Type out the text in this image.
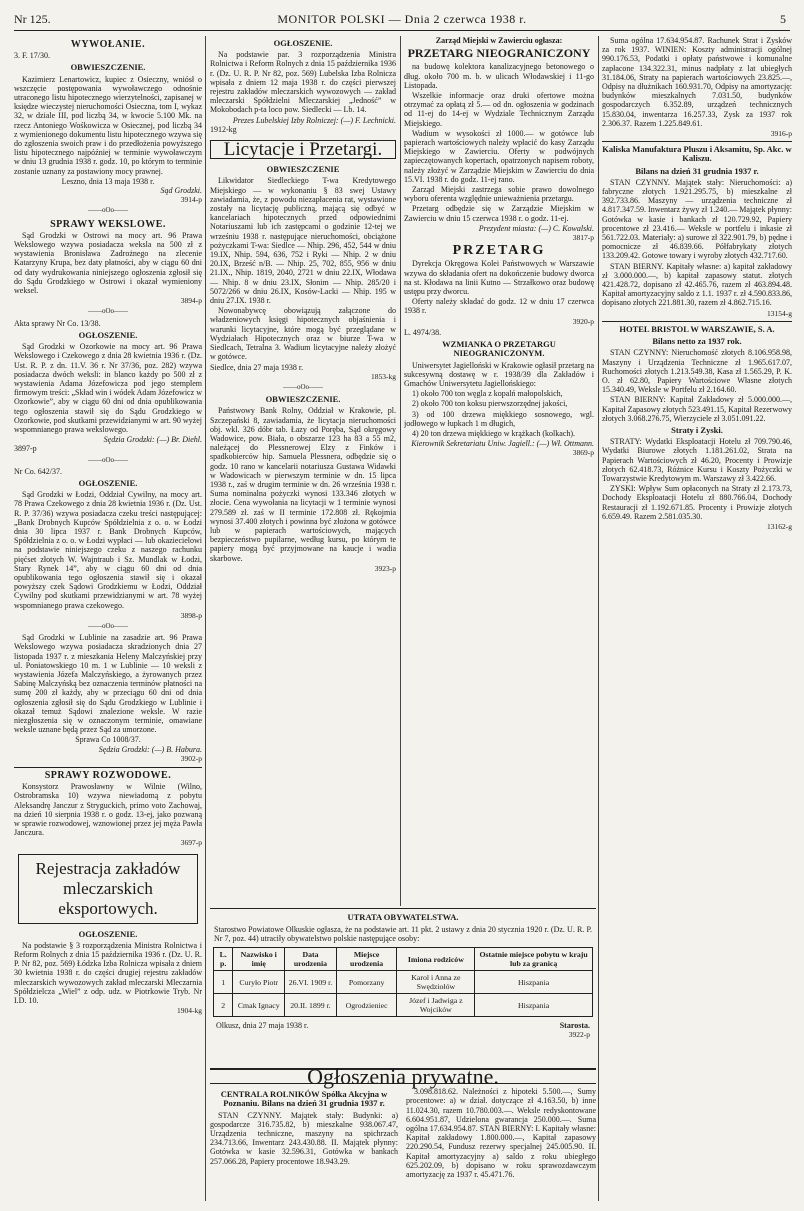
Nr 125.	MONITOR POLSKI — Dnia 2 czerwca 1938 r.	5
WYWOŁANIE.
3. F. 17/30.
OBWIESZCZENIE.

Kazimierz Lenartowicz, kupiec z Osieczny, wniósł o wszczęcie postępowania wywoławczego odnośnie utraconego listu hipotecznego wierzytelności, zapisanej w księdze wieczystej nieruchomości Osieczna, tom I, wykaz 32, w dziale III, pod liczbą 34, w kwocie 5.100 Mk. na rzecz Antoniego Wośkowicza w Osiecznej, pod liczbą 34 z wymienionego dokumentu listu hipotecznego wzywa się do zgłoszenia swoich praw i do przedłożenia powyższego listu hipotecznego najpóźniej w terminie wywoławczym w dniu 13 grudnia 1938 r. godz. 10, po którym to terminie zostanie uznany za postawiony mocy prawnej.

Leszno, dnia 13 maja 1938 r.
Sąd Grodzki.
3914-p
——oOo——
SPRAWY WEKSLOWE.

Sąd Grodzki w Ostrowi na mocy art. 96 Prawa Wekslowego wzywa posiadacza weksla na 500 zł z wystawienia Bronisława Zadrożnego na zlecenie Katarzyny Krupa, bez daty płatności, aby w ciągu 60 dni od daty wydrukowania niniejszego ogłoszenia zgłosił się do Sądu Grodzkiego w Ostrowi i okazał wymieniony weksel.

3894-p
——oOo——
Akta sprawy Nr Co. 13/38.
OGŁOSZENIE.

Sąd Grodzki w Ozorkowie na mocy art. 96 Prawa Wekslowego i Czekowego z dnia 28 kwietnia 1936 r. (Dz. Ust. R. P. z dn. 11.V. 36 r. Nr 37/36, poz. 282) wzywa posiadacza dwóch weksli: in blanco każdy po 500 zł z wystawienia Adama Józefowicza pod jego stemplem firmowym treści: „Skład win i wódek Adam Józefowicz w Ozorkowie”, aby w ciągu 60 dni od dnia opublikowania tego ogłoszenia stawił się do Sądu Grodzkiego w Ozorkowie, pod skutkami przewidzianymi w art. 90 wyżej wspomnianego prawa wekslowego.

Sędzia Grodzki: (—) Br. Diehl.
3897-p
——oOo——
Nr Co. 642/37.
OGŁOSZENIE.

Sąd Grodzki w Łodzi, Oddział Cywilny, na mocy art. 78 Prawa Czekowego z dnia 28 kwietnia 1936 r. (Dz. Ust. R. P. 37/36) wzywa posiadacza czeku treści następującej: „Bank Drobnych Kupców Spółdzielnia z o. o. w Łodzi dnia 30 lipca 1937 r. Bank Drobnych Kupców, Spółdzielnia z o. o. w Łodzi wypłaci — lub okaziecielowi na podstawie niniejszego czeku z naszego rachunku pięćset złotych W. Wajntraub i Sz. Mundlak w Łodzi, Stary Rynek 14”, aby w ciągu 60 dni od dnia opublikowania tego ogłoszenia stawił się i okazał powyższy czek Sądowi Grodzkiemu w Łodzi, Oddział Cywilny pod skutkami przewidzianymi w art. 78 wyżej wspomnianego prawa czekowego.

3898-p
——oOo——

Sąd Grodzki w Lublinie na zasadzie art. 96 Prawa Wekslowego wzywa posiadacza skradzionych dnia 27 listopada 1937 r. z mieszkania Heleny Malczyńskiej przy ul. Poniatowskiego 10 m. 1 w Lublinie — 10 weksli z wystawienia Józefa Malczyńskiego, a żyrowanych przez Sabinę Malczyńską bez oznaczenia terminów płatności na sumę 200 zł każdy, aby w przeciągu 60 dni od dnia ogłoszenia zgłosił się do Sądu Grodzkiego w Lublinie i okazał temuż Sądowi znalezione weksle. W razie niezgłoszenia się w oznaczonym terminie, omawiane weksle uznane będą przez Sąd za umorzone.

Sprawa Co 1008/37.
Sędzia Grodzki: (—) B. Habura.
3902-p
SPRAWY ROZWODOWE.

Konsystorz Prawosławny w Wilnie (Wilno, Ostrobramska 10) wzywa niewiadomą z pobytu Aleksandrę Janczur z Stryguckich, primo voto Zachowaj, na dzień 10 sierpnia 1938 r. o godz. 13-ej, jako pozwaną w sprawie rozwodowej, wznowionej przez jej męża Pawła Janczura.

3697-p
Rejestracja zakładów mleczarskich eksportowych.
OGŁOSZENIE.

Na podstawie § 3 rozporządzenia Ministra Rolnictwa i Reform Rolnych z dnia 15 października 1936 r. (Dz. U. R. P. Nr 82, poz. 569) Łódzka Izba Rolnicza wpisała z dniem 30 kwietnia 1938 r. do części drugiej rejestru zakładów mleczarskich wywozowych zakład mleczarski Mleczarnia Spółdzielcza „Wiel” z odp. udz. w Piotrkowie Tryb. Nr I.D. 10.

1904-kg
OGŁOSZENIE.

Na podstawie par. 3 rozporządzenia Ministra Rolnictwa i Reform Rolnych z dnia 15 października 1936 r. (Dz. U. R. P. Nr 82, poz. 569) Lubelska Izba Rolnicza wpisała z dniem 12 maja 1938 r. do części pierwszej rejestru zakładów mleczarskich wywozowych — zakład mleczarski Spółdzielni Mleczarskiej „Jedność” w Mokobodach p-ta loco pow. Siedlecki — Lb. 14.

Prezes Lubelskiej Izby Rolniczej: (—) F. Lechnicki.
1912-kg
Licytacje i Przetargi.
OBWIESZCZENIE

Likwidator Siedleckiego T-wa Kredytowego Miejskiego — w wykonaniu § 83 swej Ustawy zawiadamia, że, z powodu niezapłacenia rat, wystawione zostały na licytację publiczną, mającą się odbyć w kancelariach hipotecznych przed odpowiednimi Notariuszami lub ich zastępcami o godzinie 12-tej we wrześniu 1938 r. następujące nieruchomości, obciążone pożyczkami T-wa: Siedlce — Nhip. 296, 452, 544 w dniu 19.IX, Nhip. 594, 636, 752 i Ryki — Nhip. 2 w dniu 20.IX, Brześć n/B. — Nhip. 25, 702, 855, 956 w dniu 21.IX., Nhip. 1819, 2040, 2721 w dniu 22.IX, Włodawa — Nhip. 8 w dniu 23.IX, Słonim — Nhip. 285/20 i 5072/266 w dniu 26.IX, Kosów-Lacki — Nhip. 195 w dniu 27.IX. 1938 r.

Nowonabywcę obowiązują załączone do władzeniowych księgi hipotecznych objaśnienia i warunki licytacyjne, które mogą być przeglądane w Wydziałach Hipotecznych oraz w biurze T-wa w Siedlcach, Tetralna 3. Wadium licytacyjne należy złożyć w gotówce.

Siedlce, dnia 27 maja 1938 r.
1853-kg
——oOo——
OBWIESZCZENIE.

Państwowy Bank Rolny, Oddział w Krakowie, pl. Szczepański 8, zawiadamia, że licytacja nieruchomości obj. wkl. 326 dóbr tab. Łazy od Poręba, Sąd okręgowy Wadowice, pow. Biała, o obszarze 123 ha 83 a 55 m2, należącej do Plessnerowej Elzy z Finków i spadkobierców hip. Samuela Plessnera, odbędzie się o godz. 10 rano w kancelarii notariusza Gustawa Widawki w Wadowicach w pierwszym terminie w dn. 15 lipca 1938 r., zaś w drugim terminie w dn. 26 września 1938 r. Suma nominalna pożyczki wynosi 133.346 złotych w złocie. Cena wywołania na licytacji w 1 terminie wynosi 279.589 zł. zaś w II terminie 172.808 zł. Rękojmia wynosi 37.400 złotych i powinna być złożona w gotówce lub w papierach wartościowych, mających bezpieczeństwo pupilarne, według kursu, po którym te papiery mogą być przyjmowane na kaucje i wadia skarbowe.

3923-p
Zarząd Miejski w Zawierciu ogłasza:
PRZETARG NIEOGRANICZONY

na budowę kolektora kanalizacyjnego betonowego o dług. około 700 m. b. w ulicach Włodawskiej i 11-go Listopada.

Wszelkie informacje oraz druki ofertowe można otrzymać za opłatą zł 5.— od dn. ogłoszenia w godzinach od 11-ej do 14-ej w Wydziale Technicznym Zarządu Miejskiego.

Wadium w wysokości zł 1000.— w gotówce lub papierach wartościowych należy wpłacić do kasy Zarządu Miejskiego w Zawierciu. Oferty w podwójnych zapieczętowanych kopertach, opatrzonych napisem roboty, należy złożyć w Zarządzie Miejskim w Zawierciu do dnia 15.VI. 1938 r. do godz. 11-ej rano.

Zarząd Miejski zastrzega sobie prawo dowolnego wyboru oferenta względnie unieważnienia przetargu.

Przetarg odbędzie się w Zarządzie Miejskim w Zawierciu w dniu 15 czerwca 1938 r. o godz. 11-ej.

Prezydent miasta: (—) C. Kowalski.
3817-p
PRZETARG

Dyrekcja Okręgowa Kolei Państwowych w Warszawie wzywa do składania ofert na dokończenie budowy dworca na st. Kłodawa na linii Kutno — Strzałkowo oraz budowę ustępu przy dworcu.

Oferty należy składać do godz. 12 w dniu 17 czerwca 1938 r.

3920-p
L. 4974/38.
WZMIANKA O PRZETARGU NIEOGRANICZONYM.

Uniwersytet Jagielloński w Krakowie ogłasił przetarg na sukcesywną dostawę w r. 1938/39 dla Zakładów i Gmachów Uniwersytetu Jagiellońskiego:

1) około 700 ton węgla z kopalń małopolskich,

2) około 700 ton koksu pierwszorzędnej jakości,

3) od 100 drzewa miękkiego sosnowego, wgl. jodłowego w łupkach 1 m długich,

4) 20 ton drzewa miękkiego w krążkach (kolkach).

Kierownik Sekretariatu Uniw. Jagiell.: (—) Wł. Ottmann.
3869-p

Suma ogólna 17.634.954.87. Rachunek Strat i Zysków za rok 1937. WINIEN: Koszty administracji ogólnej 990.176.53, Podatki i opłaty państwowe i komunalne zapłacone 134.322.31, minus nadpłaty z lat ubiegłych 31.184.06, Straty na papierach wartościowych 23.825.—, Odpisy na dłużnikach 160.931.70, Odpisy na amortyzację: budynków mieszkalnych 7.031.50, budynków gospodarczych 6.352.89, urządzeń technicznych 15.830.04, inwentarza 16.257.33, Zysk za 1937 rok 2.306.37. Razem 1.225.849.61.

3916-p
Kaliska Manufaktura Pluszu i Aksamitu, Sp. Akc. w Kaliszu.
Bilans na dzień 31 grudnia 1937 r.

STAN CZYNNY. Majątek stały: Nieruchomości: a) fabryczne złotych 1.921.295.75, b) mieszkalne zł 392.733.86. Maszyny — urządzenia techniczne zł 4.817.347.59. Inwentarz żywy zł 1.240.— Majątek płynny: Gotówka w kasie i bankach zł 120.729.92, Papiery procentowe zł 23.416.— Weksle w portfelu i inkasie zł 561.722.03. Materiały: a) surowe zł 322.901.79, b) pędne i pomocnicze zł 46.839.66. Półfabrykaty złotych 133.209.42. Gotowe towary i wyroby złotych 432.717.60.

STAN BIERNY. Kapitały własne: a) kapitał zakładowy zł 3.000.000.—, b) kapitał zapasowy statut. złotych 421.428.72, dopisano zł 42.465.76, razem zł 463.894.48. Kapitał amortyzacyjny saldo z 1.1. 1937 r. zł 4.590.833.86, dopisano złotych 221.881.30, razem zł 4.862.715.16.

13154-g
HOTEL BRISTOL W WARSZAWIE, S. A.
Bilans netto za 1937 rok.

STAN CZYNNY: Nieruchomość złotych 8.106.958.98, Maszyny i Urządzenia Techniczne zł 1.965.617.07, Ruchomości złotych 1.213.549.38, Kasa zł 1.565.29, P. K. O. zł 62.80, Papiery Wartościowe Własne złotych 15.340.49, Weksle w Portfelu zł 2.164.60.

STAN BIERNY: Kapitał Zakładowy zł 5.000.000.—, Kapitał Zapasowy złotych 523.491.15, Kapitał Rezerwowy złotych 3.068.276.75, Wierzyciele zł 3.051.091.22.

Straty i Zyski.

STRATY: Wydatki Eksploatacji Hotelu zł 709.790.46, Wydatki Biurowe złotych 1.181.261.02, Strata na Papierach Wartościowych zł 46.20, Procenty i Prowizje złotych 62.418.73, Różnice Kursu i Koszty Pożyczki w Towarzystwie Kredytowym m. Warszawy zł 3.422.66.

ZYSKI: Wpływ Sum opłaconych na Straty zł 2.173.73, Dochody Eksploatacji Hotelu zł 880.766.04, Dochody Restauracji zł 1.192.671.85. Procenty i Prowizje złotych 6.659.49. Razem 2.581.035.30.

13162-g
UTRATA OBYWATELSTWA.
Starostwo Powiatowe Olkuskie ogłasza, że na podstawie art. 11 pkt. 2 ustawy z dnia 20 stycznia 1920 r. (Dz. U. R. P. Nr 7, poz. 44) utraciły obywatelstwo polskie następujące osoby:
L. p.	Nazwisko i imię	Data urodzenia	Miejsce urodzenia	Imiona rodziców	Ostatnie miejsce pobytu w kraju lub za granicą
1	Curyło Piotr	26.VI. 1909 r.	Pomorzany	Karol i Anna ze Swędziołów	Hiszpania
2	Cmak Ignacy	20.II. 1899 r.	Ogrodzieniec	Józef i Jadwiga z Wojcików	Hiszpania
Olkusz, dnia 27 maja 1938 r.	Starosta.
3922-p
Ogłoszenia prywatne.
CENTRALA ROLNIKÓW Spółka Akcyjna w Poznaniu. Bilans na dzień 31 grudnia 1937 r.

STAN CZYNNY. Majątek stały: Budynki: a) gospodarcze 316.735.82, b) mieszkalne 938.067.47, Urządzenia techniczne, maszyny na spichrzach 234.713.66, Inwentarz 243.430.88. II. Majątek płynny: Gotówka w kasie 32.596.31, Gotówka w bankach 257.066.28, Papiery procentowe 18.943.29.

3.098.818.62. Należności z hipoteki 5.500.—, Sumy procentowe: a) w dział. dotyczące zł 4.163.50, b) inne 11.024.30, razem 10.780.003.—. Weksle redyskontowane 6.604.951.87, Udzielona gwarancja 250.000.—. Suma ogólna 17.634.954.87. STAN BIERNY: I. Kapitały własne: Kapitał zakładowy 1.800.000.—, Kapitał zapasowy 220.290.54, Fundusz rezerwy specjalnej 245.005.90. II. Kapitał amortyzacyjny a) saldo z roku ubiegłego 625.202.09, b) dopisano w roku sprawozdawczym amortyzację za 1937 r. 45.471.76.
